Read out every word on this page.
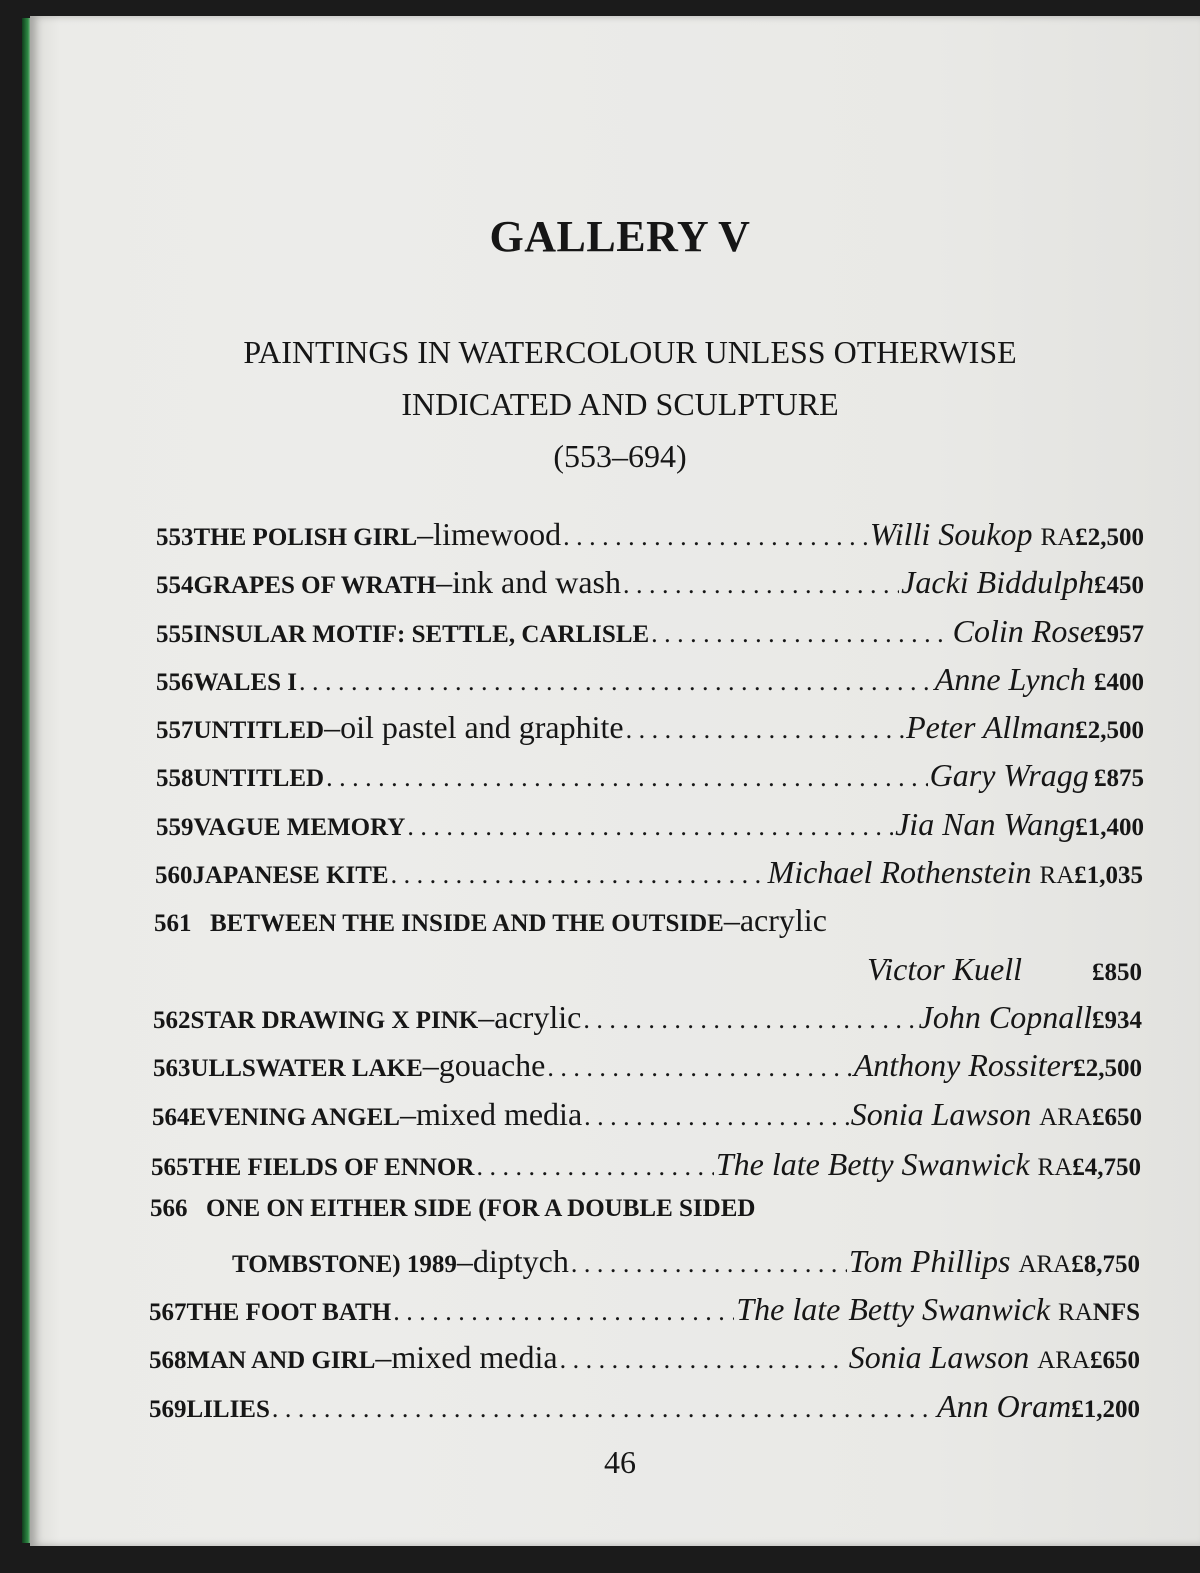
GALLERY V
PAINTINGS IN WATERCOLOUR UNLESS OTHERWISE
INDICATED AND SCULPTURE
(553–694)
553 THE POLISH GIRL –limewood . . .	Willi Soukop RA £2,500
554 GRAPES OF WRATH –ink and wash . . .	Jacki Biddulph £450
555 INSULAR MOTIF: SETTLE, CARLISLE . . .	Colin Rose £957
556 WALES I . . .	Anne Lynch £400
557 UNTITLED –oil pastel and graphite . . .	Peter Allman £2,500
558 UNTITLED . . .	Gary Wragg £875
559 VAGUE MEMORY . . .	Jia Nan Wang £1,400
560 JAPANESE KITE . . .	Michael Rothenstein RA £1,035
561 BETWEEN THE INSIDE AND THE OUTSIDE –acrylic
Victor Kuell	£850
562 STAR DRAWING X PINK –acrylic . . .	John Copnall £934
563 ULLSWATER LAKE –gouache . . .	Anthony Rossiter £2,500
564 EVENING ANGEL –mixed media . . .	Sonia Lawson ARA £650
565 THE FIELDS OF ENNOR . . .	The late Betty Swanwick RA £4,750
566 ONE ON EITHER SIDE (FOR A DOUBLE SIDED
TOMBSTONE) 1989 –diptych . . .	Tom Phillips ARA £8,750
567 THE FOOT BATH . . .	The late Betty Swanwick RA NFS
568 MAN AND GIRL –mixed media . . .	Sonia Lawson ARA £650
569 LILIES . . .	Ann Oram £1,200
46
